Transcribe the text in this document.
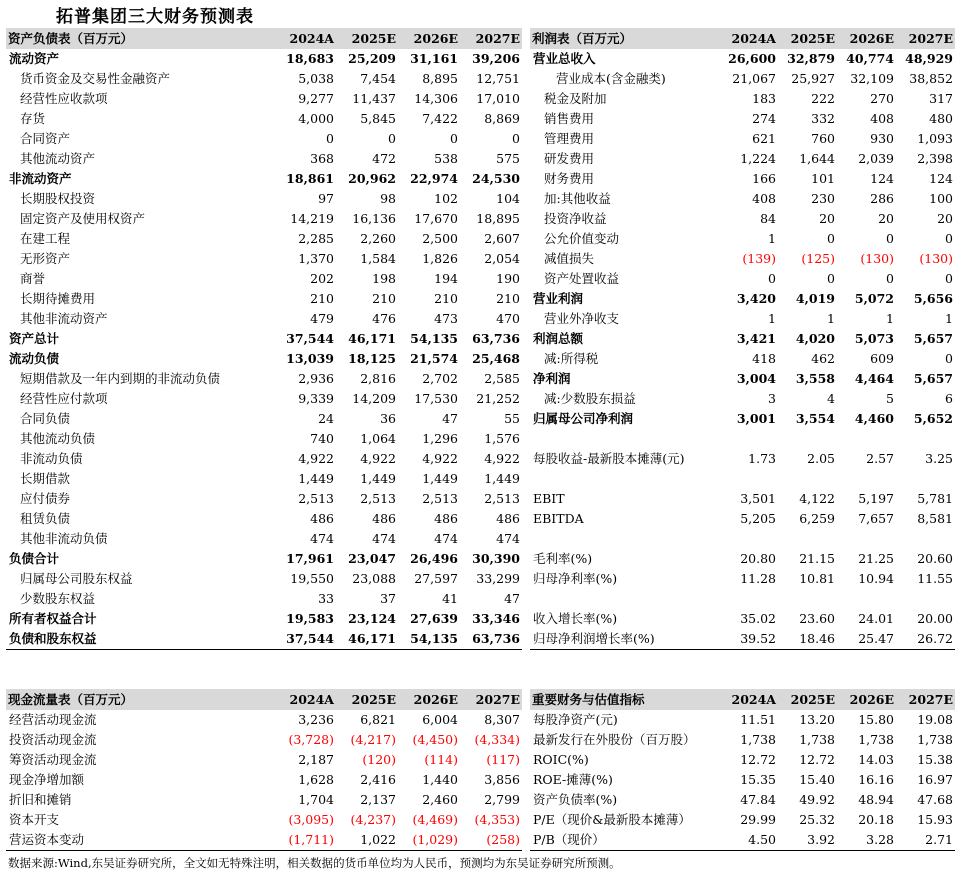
拓普集团三大财务预测表
资产负债表（百万元）	2024A	2025E	2026E	2027E
流动资产	18,683	25,209	31,161	39,206
货币资金及交易性金融资产	5,038	7,454	8,895	12,751
经营性应收款项	9,277	11,437	14,306	17,010
存货	4,000	5,845	7,422	8,869
合同资产	0	0	0	0
其他流动资产	368	472	538	575
非流动资产	18,861	20,962	22,974	24,530
长期股权投资	97	98	102	104
固定资产及使用权资产	14,219	16,136	17,670	18,895
在建工程	2,285	2,260	2,500	2,607
无形资产	1,370	1,584	1,826	2,054
商誉	202	198	194	190
长期待摊费用	210	210	210	210
其他非流动资产	479	476	473	470
资产总计	37,544	46,171	54,135	63,736
流动负债	13,039	18,125	21,574	25,468
短期借款及一年内到期的非流动负债	2,936	2,816	2,702	2,585
经营性应付款项	9,339	14,209	17,530	21,252
合同负债	24	36	47	55
其他流动负债	740	1,064	1,296	1,576
非流动负债	4,922	4,922	4,922	4,922
长期借款	1,449	1,449	1,449	1,449
应付债券	2,513	2,513	2,513	2,513
租赁负债	486	486	486	486
其他非流动负债	474	474	474	474
负债合计	17,961	23,047	26,496	30,390
归属母公司股东权益	19,550	23,088	27,597	33,299
少数股东权益	33	37	41	47
所有者权益合计	19,583	23,124	27,639	33,346
负债和股东权益	37,544	46,171	54,135	63,736
利润表（百万元）	2024A	2025E	2026E	2027E
营业总收入	26,600	32,879	40,774	48,929
营业成本(含金融类)	21,067	25,927	32,109	38,852
税金及附加	183	222	270	317
销售费用	274	332	408	480
管理费用	621	760	930	1,093
研发费用	1,224	1,644	2,039	2,398
财务费用	166	101	124	124
加:其他收益	408	230	286	100
投资净收益	84	20	20	20
公允价值变动	1	0	0	0
减值损失	(139)	(125)	(130)	(130)
资产处置收益	0	0	0	0
营业利润	3,420	4,019	5,072	5,656
营业外净收支	1	1	1	1
利润总额	3,421	4,020	5,073	5,657
减:所得税	418	462	609	0
净利润	3,004	3,558	4,464	5,657
减:少数股东损益	3	4	5	6
归属母公司净利润	3,001	3,554	4,460	5,652

每股收益-最新股本摊薄(元)	1.73	2.05	2.57	3.25

EBIT	3,501	4,122	5,197	5,781
EBITDA	5,205	6,259	7,657	8,581

毛利率(%)	20.80	21.15	21.25	20.60
归母净利率(%)	11.28	10.81	10.94	11.55

收入增长率(%)	35.02	23.60	24.01	20.00
归母净利润增长率(%)	39.52	18.46	25.47	26.72
现金流量表（百万元）	2024A	2025E	2026E	2027E
经营活动现金流	3,236	6,821	6,004	8,307
投资活动现金流	(3,728)	(4,217)	(4,450)	(4,334)
筹资活动现金流	2,187	(120)	(114)	(117)
现金净增加额	1,628	2,416	1,440	3,856
折旧和摊销	1,704	2,137	2,460	2,799
资本开支	(3,095)	(4,237)	(4,469)	(4,353)
营运资本变动	(1,711)	1,022	(1,029)	(258)
重要财务与估值指标	2024A	2025E	2026E	2027E
每股净资产(元)	11.51	13.20	15.80	19.08
最新发行在外股份（百万股）	1,738	1,738	1,738	1,738
ROIC(%)	12.72	12.72	14.03	15.38
ROE-摊薄(%)	15.35	15.40	16.16	16.97
资产负债率(%)	47.84	49.92	48.94	47.68
P/E（现价&最新股本摊薄）	29.99	25.32	20.18	15.93
P/B（现价）	4.50	3.92	3.28	2.71
数据来源:Wind,东吴证券研究所，全文如无特殊注明，相关数据的货币单位均为人民币，预测均为东吴证券研究所预测。
